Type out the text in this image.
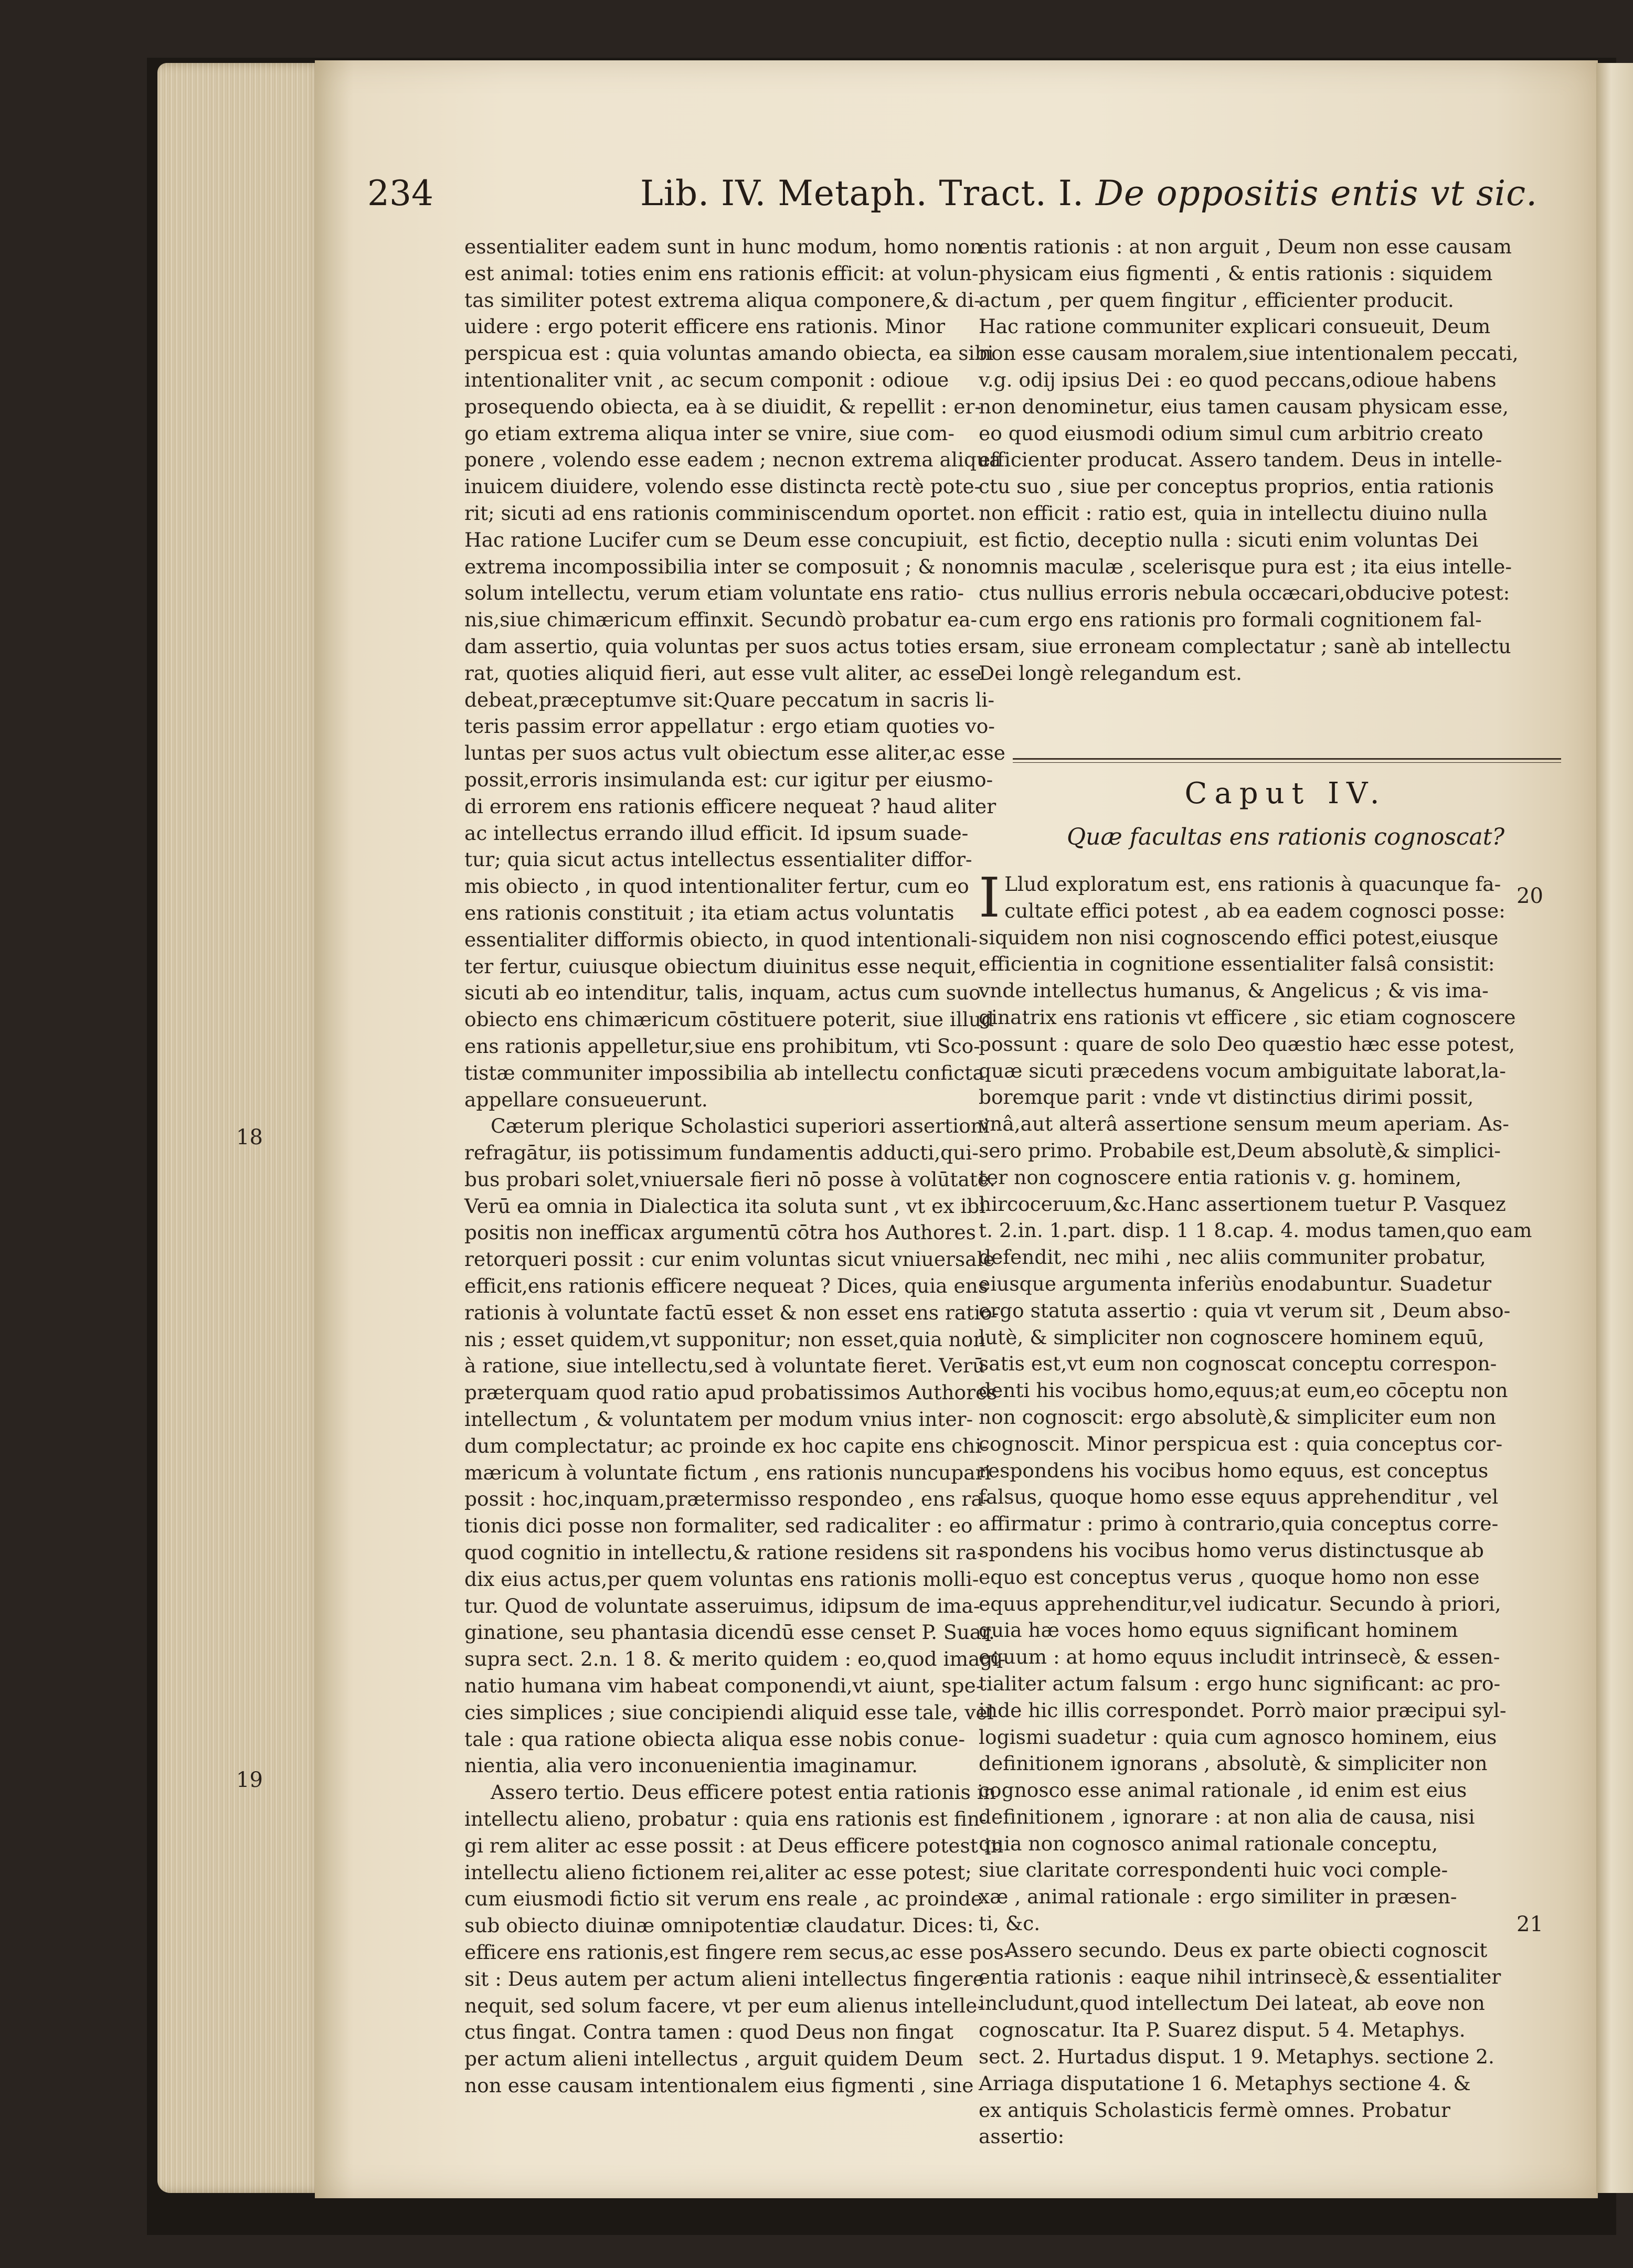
234	Lib. IV. Metaph. Tract. I. De oppositis entis vt sic.

essentialiter eadem sunt in hunc modum, homo non

est animal: toties enim ens rationis efficit: at volun-

tas similiter potest extrema aliqua componere,& di-

uidere : ergo poterit efficere ens rationis. Minor

perspicua est : quia voluntas amando obiecta, ea sibi

intentionaliter vnit , ac secum componit : odioue

prosequendo obiecta, ea à se diuidit, & repellit : er-

go etiam extrema aliqua inter se vnire, siue com-

ponere , volendo esse eadem ; necnon extrema aliqua

inuicem diuidere, volendo esse distincta rectè pote-

rit; sicuti ad ens rationis comminiscendum oportet.

Hac ratione Lucifer cum se Deum esse concupiuit,

extrema incompossibilia inter se composuit ; & non

solum intellectu, verum etiam voluntate ens ratio-

nis,siue chimæricum effinxit. Secundò probatur ea-

dam assertio, quia voluntas per suos actus toties er-

rat, quoties aliquid fieri, aut esse vult aliter, ac esse

debeat,præceptumve sit:Quare peccatum in sacris li-

teris passim error appellatur : ergo etiam quoties vo-

luntas per suos actus vult obiectum esse aliter,ac esse

possit,erroris insimulanda est: cur igitur per eiusmo-

di errorem ens rationis efficere nequeat ? haud aliter

ac intellectus errando illud efficit. Id ipsum suade-

tur; quia sicut actus intellectus essentialiter diffor-

mis obiecto , in quod intentionaliter fertur, cum eo

ens rationis constituit ; ita etiam actus voluntatis

essentialiter difformis obiecto, in quod intentionali-

ter fertur, cuiusque obiectum diuinitus esse nequit,

sicuti ab eo intenditur, talis, inquam, actus cum suo

obiecto ens chimæricum cōstituere poterit, siue illud

ens rationis appelletur,siue ens prohibitum, vti Sco-

tistæ communiter impossibilia ab intellectu conficta

appellare consueuerunt.

Cæterum plerique Scholastici superiori assertioni

refragātur, iis potissimum fundamentis adducti,qui-

bus probari solet,vniuersale fieri nō posse à volūtate.

Verū ea omnia in Dialectica ita soluta sunt , vt ex ibi

positis non inefficax argumentū cōtra hos Authores

retorqueri possit : cur enim voluntas sicut vniuersale

efficit,ens rationis efficere nequeat ? Dices, quia ens

rationis à voluntate factū esset & non esset ens ratio-

nis ; esset quidem,vt supponitur; non esset,quia non

à ratione, siue intellectu,sed à voluntate fieret. Verū

præterquam quod ratio apud probatissimos Authores

intellectum , & voluntatem per modum vnius inter-

dum complectatur; ac proinde ex hoc capite ens chi-

mæricum à voluntate fictum , ens rationis nuncupari

possit : hoc,inquam,prætermisso respondeo , ens ra-

tionis dici posse non formaliter, sed radicaliter : eo

quod cognitio in intellectu,& ratione residens sit ra-

dix eius actus,per quem voluntas ens rationis molli-

tur. Quod de voluntate asseruimus, idipsum de ima-

ginatione, seu phantasia dicendū esse censet P. Suar.

supra sect. 2.n. 1 8. & merito quidem : eo,quod imagi-

natio humana vim habeat componendi,vt aiunt, spe-

cies simplices ; siue concipiendi aliquid esse tale, vel

tale : qua ratione obiecta aliqua esse nobis conue-

nientia, alia vero inconuenientia imaginamur.

Assero tertio. Deus efficere potest entia rationis in

intellectu alieno, probatur : quia ens rationis est fin-

gi rem aliter ac esse possit : at Deus efficere potest in

intellectu alieno fictionem rei,aliter ac esse potest;

cum eiusmodi fictio sit verum ens reale , ac proinde

sub obiecto diuinæ omnipotentiæ claudatur. Dices:

efficere ens rationis,est fingere rem secus,ac esse pos-

sit : Deus autem per actum alieni intellectus fingere

nequit, sed solum facere, vt per eum alienus intelle-

ctus fingat. Contra tamen : quod Deus non fingat

per actum alieni intellectus , arguit quidem Deum

non esse causam intentionalem eius figmenti , sine

entis rationis : at non arguit , Deum non esse causam

physicam eius figmenti , & entis rationis : siquidem

actum , per quem fingitur , efficienter producit.

Hac ratione communiter explicari consueuit, Deum

non esse causam moralem,siue intentionalem peccati,

v.g. odij ipsius Dei : eo quod peccans,odioue habens

non denominetur, eius tamen causam physicam esse,

eo quod eiusmodi odium simul cum arbitrio creato

efficienter producat. Assero tandem. Deus in intelle-

ctu suo , siue per conceptus proprios, entia rationis

non efficit : ratio est, quia in intellectu diuino nulla

est fictio, deceptio nulla : sicuti enim voluntas Dei

omnis maculæ , scelerisque pura est ; ita eius intelle-

ctus nullius erroris nebula occæcari,obducive potest:

cum ergo ens rationis pro formali cognitionem fal-

sam, siue erroneam complectatur ; sanè ab intellectu

Dei longè relegandum est.

Caput IV.
Quæ facultas ens rationis cognoscat?
I Llud exploratum est, ens rationis à quacunque fa-

cultate effici potest , ab ea eadem cognosci posse:

siquidem non nisi cognoscendo effici potest,eiusque

efficientia in cognitione essentialiter falsâ consistit:

vnde intellectus humanus, & Angelicus ; & vis ima-

ginatrix ens rationis vt efficere , sic etiam cognoscere

possunt : quare de solo Deo quæstio hæc esse potest,

quæ sicuti præcedens vocum ambiguitate laborat,la-

boremque parit : vnde vt distinctius dirimi possit,

vnâ,aut alterâ assertione sensum meum aperiam. As-

sero primo. Probabile est,Deum absolutè,& simplici-

ter non cognoscere entia rationis v. g. hominem,

hircoceruum,&c.Hanc assertionem tuetur P. Vasquez

t. 2.in. 1.part. disp. 1 1 8.cap. 4. modus tamen,quo eam

defendit, nec mihi , nec aliis communiter probatur,

eiusque argumenta inferiùs enodabuntur. Suadetur

ergo statuta assertio : quia vt verum sit , Deum abso-

lutè, & simpliciter non cognoscere hominem equū,

satis est,vt eum non cognoscat conceptu correspon-

denti his vocibus homo,equus;at eum,eo cōceptu non

non cognoscit: ergo absolutè,& simpliciter eum non

cognoscit. Minor perspicua est : quia conceptus cor-

respondens his vocibus homo equus, est conceptus

falsus, quoque homo esse equus apprehenditur , vel

affirmatur : primo à contrario,quia conceptus corre-

spondens his vocibus homo verus distinctusque ab

equo est conceptus verus , quoque homo non esse

equus apprehenditur,vel iudicatur. Secundo à priori,

quia hæ voces homo equus significant hominem

equum : at homo equus includit intrinsecè, & essen-

tialiter actum falsum : ergo hunc significant: ac pro-

inde hic illis correspondet. Porrò maior præcipui syl-

logismi suadetur : quia cum agnosco hominem, eius

definitionem ignorans , absolutè, & simpliciter non

cognosco esse animal rationale , id enim est eius

definitionem , ignorare : at non alia de causa, nisi

quia non cognosco animal rationale conceptu,

siue claritate correspondenti huic voci comple-

xæ , animal rationale : ergo similiter in præsen-

ti, &c.

Assero secundo. Deus ex parte obiecti cognoscit

entia rationis : eaque nihil intrinsecè,& essentialiter

includunt,quod intellectum Dei lateat, ab eove non

cognoscatur. Ita P. Suarez disput. 5 4. Metaphys.

sect. 2. Hurtadus disput. 1 9. Metaphys. sectione 2.

Arriaga disputatione 1 6. Metaphys sectione 4. &

ex antiquis Scholasticis fermè omnes. Probatur

assertio:

18
19
20
21
